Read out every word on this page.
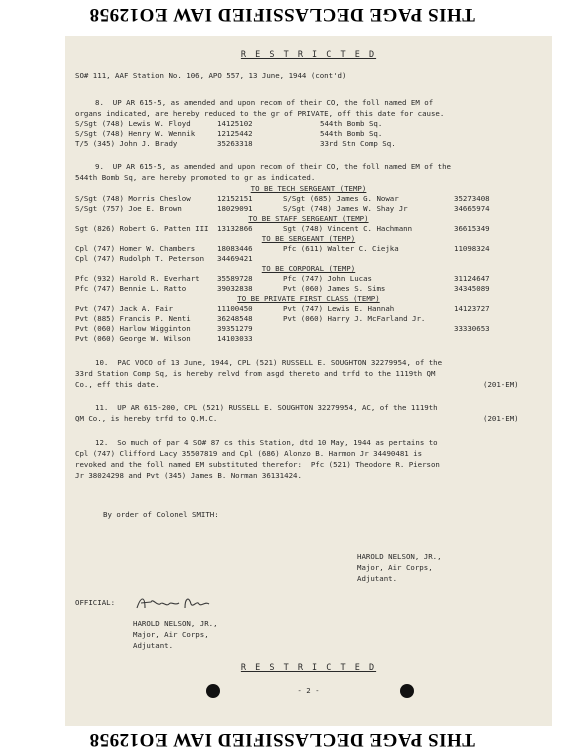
THIS PAGE DECLASSIFIED IAW EO12958
R E S T R I C T E D
SO# 111, AAF Station No. 106, APO 557, 13 June, 1944 (cont'd)
8.  UP AR 615-5, as amended and upon recom of their CO, the foll named EM of
organs indicated, are hereby reduced to the gr of PRIVATE, off this date for cause.
S/Sgt (748) Lewis W. Floyd	14125102	544th Bomb Sq.
S/Sgt (748) Henry W. Wennik	12125442	544th Bomb Sq.
T/5 (345) John J. Brady	35263318	33rd Stn Comp Sq.
9.  UP AR 615-5, as amended and upon recom of their CO, the foll named EM of the
544th Bomb Sq, are hereby promoted to gr as indicated.
TO BE TECH SERGEANT (TEMP)
S/Sgt (748) Morris Cheslow	12152151	S/Sgt (685) James G. Nowar	35273408
S/Sgt (757) Joe E. Brown	18029091	S/Sgt (748) James W. Shay Jr	34665974
TO BE STAFF SERGEANT (TEMP)
Sgt (826) Robert G. Patten III 13132866	Sgt (748) Vincent C. Hachmann	36615349
TO BE SERGEANT (TEMP)
Cpl (747) Homer W. Chambers	18083446	Pfc (611) Walter C. Ciejka	11098324
Cpl (747) Rudolph T. Peterson 34469421
TO BE CORPORAL (TEMP)
Pfc (932) Harold R. Everhart 35589728	Pfc (747) John Lucas	31124647
Pfc (747) Bennie L. Ratto	39032838	Pvt (060) James S. Sims	34345089
TO BE PRIVATE FIRST CLASS (TEMP)
Pvt (747) Jack A. Fair	11100450	Pvt (747) Lewis E. Hannah	14123727
Pvt (885) Francis P. Nenti	36248548	Pvt (060) Harry J. McFarland Jr.
Pvt (060) Harlow Wigginton	39351279	33330653
Pvt (060) George W. Wilson	14103033
10.  PAC VOCO of 13 June, 1944, CPL (521) RUSSELL E. SOUGHTON 32279954, of the
33rd Station Comp Sq, is hereby relvd from asgd thereto and trfd to the 1119th QM
Co., eff this date.	(201-EM)
11.  UP AR 615-200, CPL (521) RUSSELL E. SOUGHTON 32279954, AC, of the 1119th
QM Co., is hereby trfd to Q.M.C.	(201-EM)
12.  So much of par 4 SO# 87 cs this Station, dtd 10 May, 1944 as pertains to
Cpl (747) Clifford Lacy 35507819 and Cpl (686) Alonzo B. Harmon Jr 34490481 is
revoked and the foll named EM substituted therefor:  Pfc (521) Theodore R. Pierson
Jr 38024298 and Pvt (345) James B. Norman 36131424.
By order of Colonel SMITH:
HAROLD NELSON, JR.,
Major, Air Corps,
Adjutant.
OFFICIAL:
HAROLD NELSON, JR.,
Major, Air Corps,
Adjutant.
R E S T R I C T E D
- 2 -
THIS PAGE DECLASSIFIED IAW EO12958
